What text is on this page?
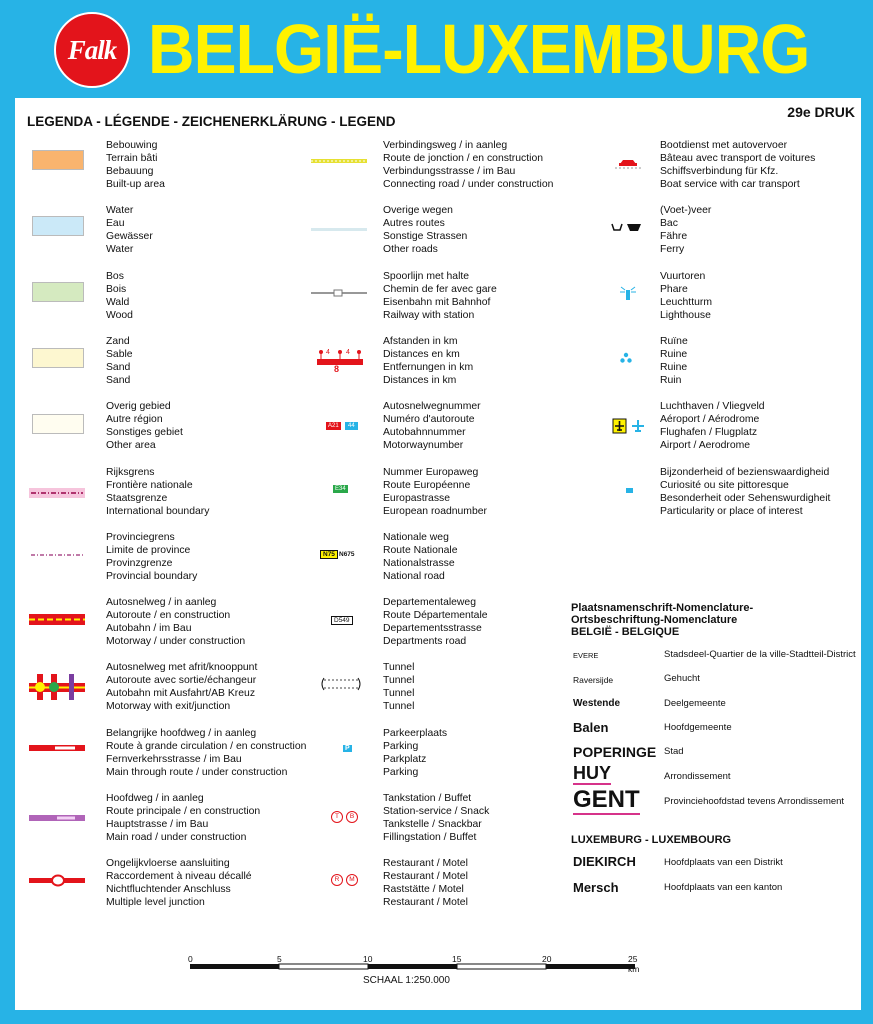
Falk BELGIË-LUXEMBURG
29e DRUK
LEGENDA - LÉGENDE - ZEICHENERKLÄRUNG - LEGEND
4 4
8
A21	44
E34
N75 N675
D549
P
T	B
R	M
Plaatsnamenschrift-Nomenclature-
Ortsbeschriftung-Nomenclature
BELGIË - BELGIQUE
EVERE	Stadsdeel-Quartier de la ville-Stadtteil-District
Raversijde	Gehucht
Westende	Deelgemeente
Balen	Hoofdgemeente
POPERINGE Stad
HUY	Arrondissement
GENT	Provinciehoofdstad tevens Arrondissement
LUXEMBURG - LUXEMBOURG
DIEKIRCH	Hoofdplaats van een Distrikt
Mersch	Hoofdplaats van een kanton
Bebouwing
Terrain bâti
Bebauung
Built-up area
Water
Eau
Gewässer
Water
Bos
Bois
Wald
Wood
Zand
Sable
Sand
Sand
Overig gebied
Autre région
Sonstiges gebiet
Other area
Rijksgrens
Frontière nationale
Staatsgrenze
International boundary
Provinciegrens
Limite de province
Provinzgrenze
Provincial boundary
Autosnelweg / in aanleg
Autoroute / en construction
Autobahn / im Bau
Motorway / under construction
Autosnelweg met afrit/knooppunt
Autoroute avec sortie/échangeur
Autobahn mit Ausfahrt/AB Kreuz
Motorway with exit/junction
Belangrijke hoofdweg / in aanleg
Route à grande circulation / en construction
Fernverkehrsstrasse / im Bau
Main through route / under construction
Hoofdweg / in aanleg
Route principale / en construction
Hauptstrasse / im Bau
Main road / under construction
Ongelijkvloerse aansluiting
Raccordement à niveau décallé
Nichtfluchtender Anschluss
Multiple level junction
Verbindingsweg / in aanleg
Route de jonction / en construction
Verbindungsstrasse / im Bau
Connecting road / under construction
Overige wegen
Autres routes
Sonstige Strassen
Other roads
Spoorlijn met halte
Chemin de fer avec gare
Eisenbahn mit Bahnhof
Railway with station
Afstanden in km
Distances en km
Entfernungen in km
Distances in km
Autosnelwegnummer
Numéro d'autoroute
Autobahnnummer
Motorwaynumber
Nummer Europaweg
Route Européenne
Europastrasse
European roadnumber
Nationale weg
Route Nationale
Nationalstrasse
National road
Departementaleweg
Route Départementale
Departementsstrasse
Departments road
Tunnel
Tunnel
Tunnel
Tunnel
Parkeerplaats
Parking
Parkplatz
Parking
Tankstation / Buffet
Station-service / Snack
Tankstelle / Snackbar
Fillingstation / Buffet
Restaurant / Motel
Restaurant / Motel
Raststätte / Motel
Restaurant / Motel
Bootdienst met autovervoer
Bâteau avec transport de voitures
Schiffsverbindung für Kfz.
Boat service with car transport
(Voet-)veer
Bac
Fähre
Ferry
Vuurtoren
Phare
Leuchtturm
Lighthouse
Ruïne
Ruine
Ruine
Ruin
Luchthaven / Vliegveld
Aéroport / Aérodrome
Flughafen / Flugplatz
Airport / Aerodrome
Bijzonderheid of bezienswaardigheid
Curiosité ou site pittoresque
Besonderheit oder Sehenswurdigheit
Particularity or place of interest
0	5	10	15	20	25 km
SCHAAL 1:250.000
